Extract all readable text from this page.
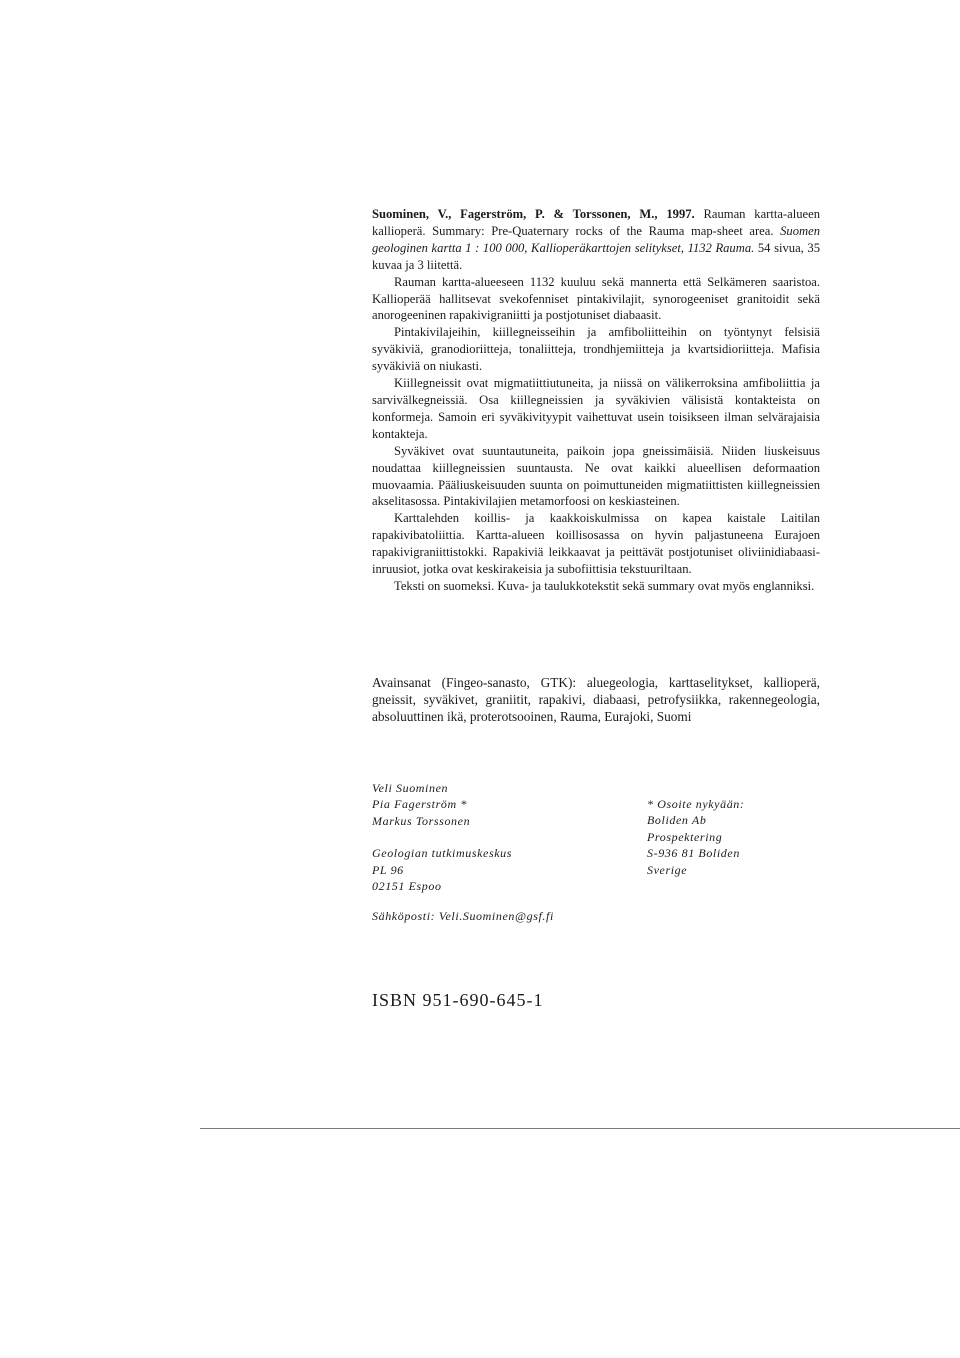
Suominen, V., Fagerström, P. & Torssonen, M., 1997. Rauman kartta-alueen kallioperä. Summary: Pre-Quaternary rocks of the Rauma map-sheet area. Suomen geologinen kartta 1 : 100 000, Kallioperäkarttojen selitykset, 1132 Rauma. 54 sivua, 35 kuvaa ja 3 liitettä.

Rauman kartta-alueeseen 1132 kuuluu sekä mannerta että Selkämeren saaristoa. Kallioperää hallitsevat svekofenniset pintakivilajit, synorogeeniset granitoidit sekä anorogeeninen rapakivigraniitti ja postjotuniset diabaasit.

Pintakivilajeihin, kiillegneisseihin ja amfiboliitteihin on työntynyt felsisiä syväkiviä, granodioriitteja, tonaliitteja, trondhjemiitteja ja kvartsidioriitteja. Mafisia syväkiviä on niukasti.

Kiillegneissit ovat migmatiittiutuneita, ja niissä on välikerroksina amfiboliittia ja sarvivälkegneissiä. Osa kiillegneissien ja syväkivien välisistä kontakteista on konformeja. Samoin eri syväkivityypit vaihettuvat usein toisikseen ilman selvärajaisia kontakteja.

Syväkivet ovat suuntautuneita, paikoin jopa gneissimäisiä. Niiden liuskeisuus noudattaa kiillegneissien suuntausta. Ne ovat kaikki alueellisen deformaation muovaamia. Pääliuskeisuuden suunta on poimuttuneiden migmatiittisten kiillegneissien akselitasossa. Pintakivilajien metamorfoosi on keskiasteinen.

Karttalehden koillis- ja kaakkoiskulmissa on kapea kaistale Laitilan rapakivibatoliittia. Kartta-alueen koillisosassa on hyvin paljastuneena Eurajoen rapakivigraniittistokki. Rapakiviä leikkaavat ja peittävät postjotuniset oliviinidiabaasi-inruusiot, jotka ovat keskirakeisia ja subofiittisia tekstuuriltaan.

Teksti on suomeksi. Kuva- ja taulukkotekstit sekä summary ovat myös englanniksi.

Avainsanat (Fingeo-sanasto, GTK): aluegeologia, karttaselitykset, kallioperä, gneissit, syväkivet, graniitit, rapakivi, diabaasi, petrofysiikka, rakennegeologia, absoluuttinen ikä, proterotsooinen, Rauma, Eurajoki, Suomi
Veli Suominen
Pia Fagerström *
Markus Torssonen
Geologian tutkimuskeskus
PL 96
02151 Espoo
* Osoite nykyään:
Boliden Ab
Prospektering
S-936 81 Boliden
Sverige
Sähköposti: Veli.Suominen@gsf.fi
ISBN 951-690-645-1
